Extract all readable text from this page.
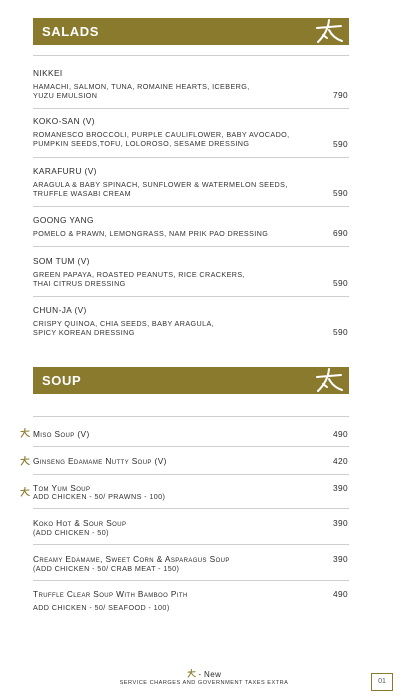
SALADS
NIKKEI
HAMACHI, SALMON, TUNA, ROMAINE HEARTS, ICEBERG,
YUZU EMULSION	790
KOKO-SAN (V)
ROMANESCO BROCCOLI, PURPLE CAULIFLOWER, BABY AVOCADO,
PUMPKIN SEEDS,TOFU, LOLOROSO, SESAME DRESSING	590
KARAFURU (V)
ARAGULA & BABY SPINACH, SUNFLOWER & WATERMELON SEEDS,
TRUFFLE WASABI CREAM	590
GOONG YANG
POMELO & PRAWN, LEMONGRASS, NAM PRIK PAO DRESSING	690
SOM TUM (V)
GREEN PAPAYA, ROASTED PEANUTS, RICE CRACKERS,
THAI CITRUS DRESSING	590
CHUN-JA (V)
CRISPY QUINOA, CHIA SEEDS, BABY ARAGULA,
SPICY KOREAN DRESSING	590
SOUP
Miso Soup (V)	490
Ginseng Edamame Nutty Soup (V)	420
Tom Yum Soup
ADD CHICKEN - 50/ PRAWNS - 100)
390
Koko Hot & Sour Soup
(ADD CHICKEN - 50)
390
Creamy Edamame, Sweet Corn & Asparagus Soup
(ADD CHICKEN - 50/ CRAB MEAT - 150)
390
Truffle Clear Soup With Bamboo Pith
ADD CHICKEN - 50/ SEAFOOD - 100)
490
- New
SERVICE CHARGES AND GOVERNMENT TAXES EXTRA	01
